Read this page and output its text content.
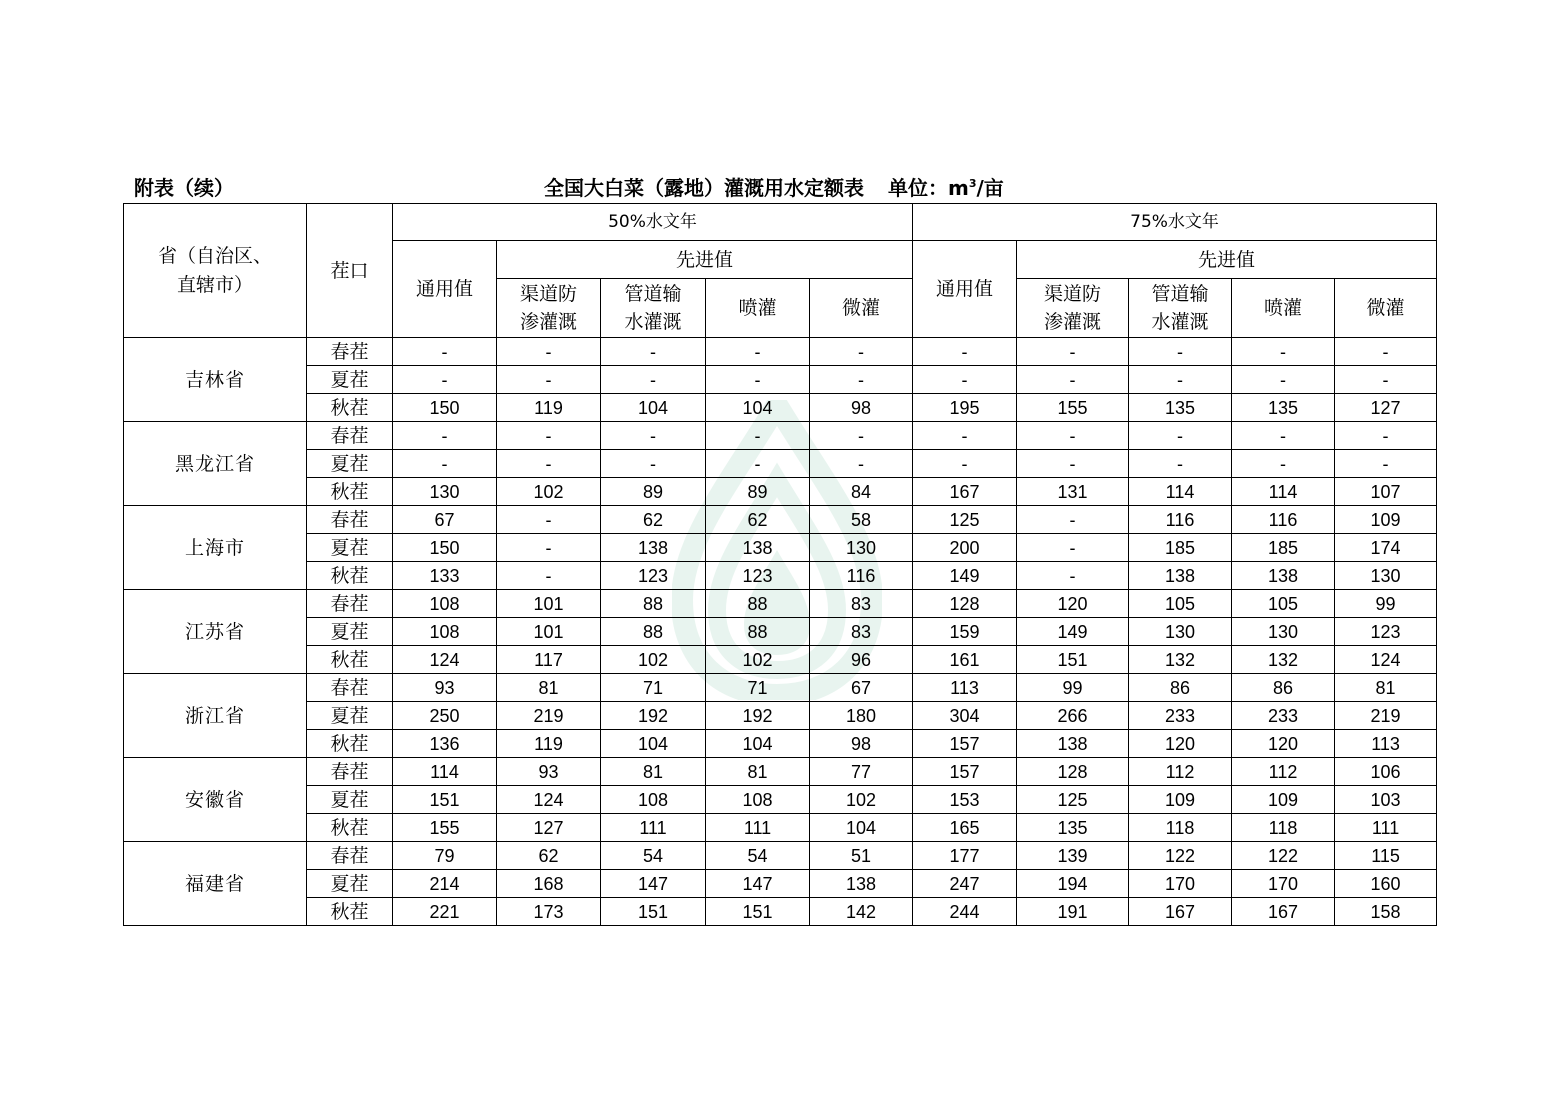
附表（续）	全国大白菜（露地）灌溉用水定额表 单位：$m^3/$亩
省（自治区、直辖市）	茬口	50%水文年					75%水文年				
		通用值	先进值				通用值	先进值			

			渠道防渗灌溉	管道输水灌溉	喷灌	微灌		渠道防渗灌溉	管道输水灌溉	喷灌	微灌
吉林省	春茬	-	-	-	-	-	-	-	-	-	-
	夏茬	-	-	-	-	-	-	-	-	-	-
	秋茬	150	119	104	104	98	195	155	135	135	127
黑龙江省	春茬	-	-	-	-	-	-	-	-	-	-
	夏茬	-	-	-	-	-	-	-	-	-	-
	秋茬	130	102	89	89	84	167	131	114	114	107
上海市	春茬	67	-	62	62	58	125	-	116	116	109
	夏茬	150	-	138	138	130	200	-	185	185	174
	秋茬	133	-	123	123	116	149	-	138	138	130
江苏省	春茬	108	101	88	88	83	128	120	105	105	99
	夏茬	108	101	88	88	83	159	149	130	130	123
	秋茬	124	117	102	102	96	161	151	132	132	124
浙江省	春茬	93	81	71	71	67	113	99	86	86	81
	夏茬	250	219	192	192	180	304	266	233	233	219
	秋茬	136	119	104	104	98	157	138	120	120	113
安徽省	春茬	114	93	81	81	77	157	128	112	112	106
	夏茬	151	124	108	108	102	153	125	109	109	103
	秋茬	155	127	111	111	104	165	135	118	118	111
福建省	春茬	79	62	54	54	51	177	139	122	122	115
	夏茬	214	168	147	147	138	247	194	170	170	160
	秋茬	221	173	151	151	142	244	191	167	167	158
